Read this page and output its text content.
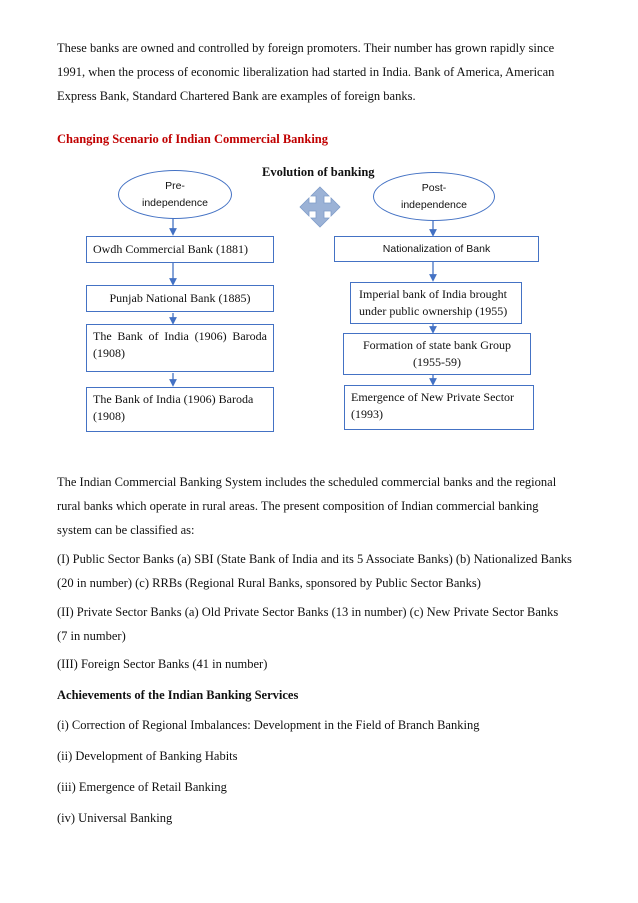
These banks are owned and controlled by foreign promoters. Their number has grown rapidly since

1991, when the process of economic liberalization had started in India. Bank of America, American

Express Bank, Standard Chartered Bank are examples of foreign banks.

Changing Scenario of Indian Commercial Banking
Evolution of banking
Pre-
independence
Post-
independence
Owdh Commercial Bank (1881)
Punjab National Bank (1885)
The Bank of India (1906) Baroda (1908)
The Bank of India (1906) Baroda (1908)
Nationalization of Bank
Imperial bank of India brought under public ownership (1955)
Formation of state bank Group (1955-59)
Emergence of New Private Sector (1993)

The Indian Commercial Banking System includes the scheduled commercial banks and the regional

rural banks which operate in rural areas. The present composition of Indian commercial banking

system can be classified as:

(I) Public Sector Banks (a) SBI (State Bank of India and its 5 Associate Banks) (b) Nationalized Banks

(20 in number) (c) RRBs (Regional Rural Banks, sponsored by Public Sector Banks)

(II) Private Sector Banks (a) Old Private Sector Banks (13 in number) (c) New Private Sector Banks

(7 in number)

(III) Foreign Sector Banks (41 in number)

Achievements of the Indian Banking Services

(i) Correction of Regional Imbalances: Development in the Field of Branch Banking

(ii) Development of Banking Habits

(iii) Emergence of Retail Banking

(iv) Universal Banking
